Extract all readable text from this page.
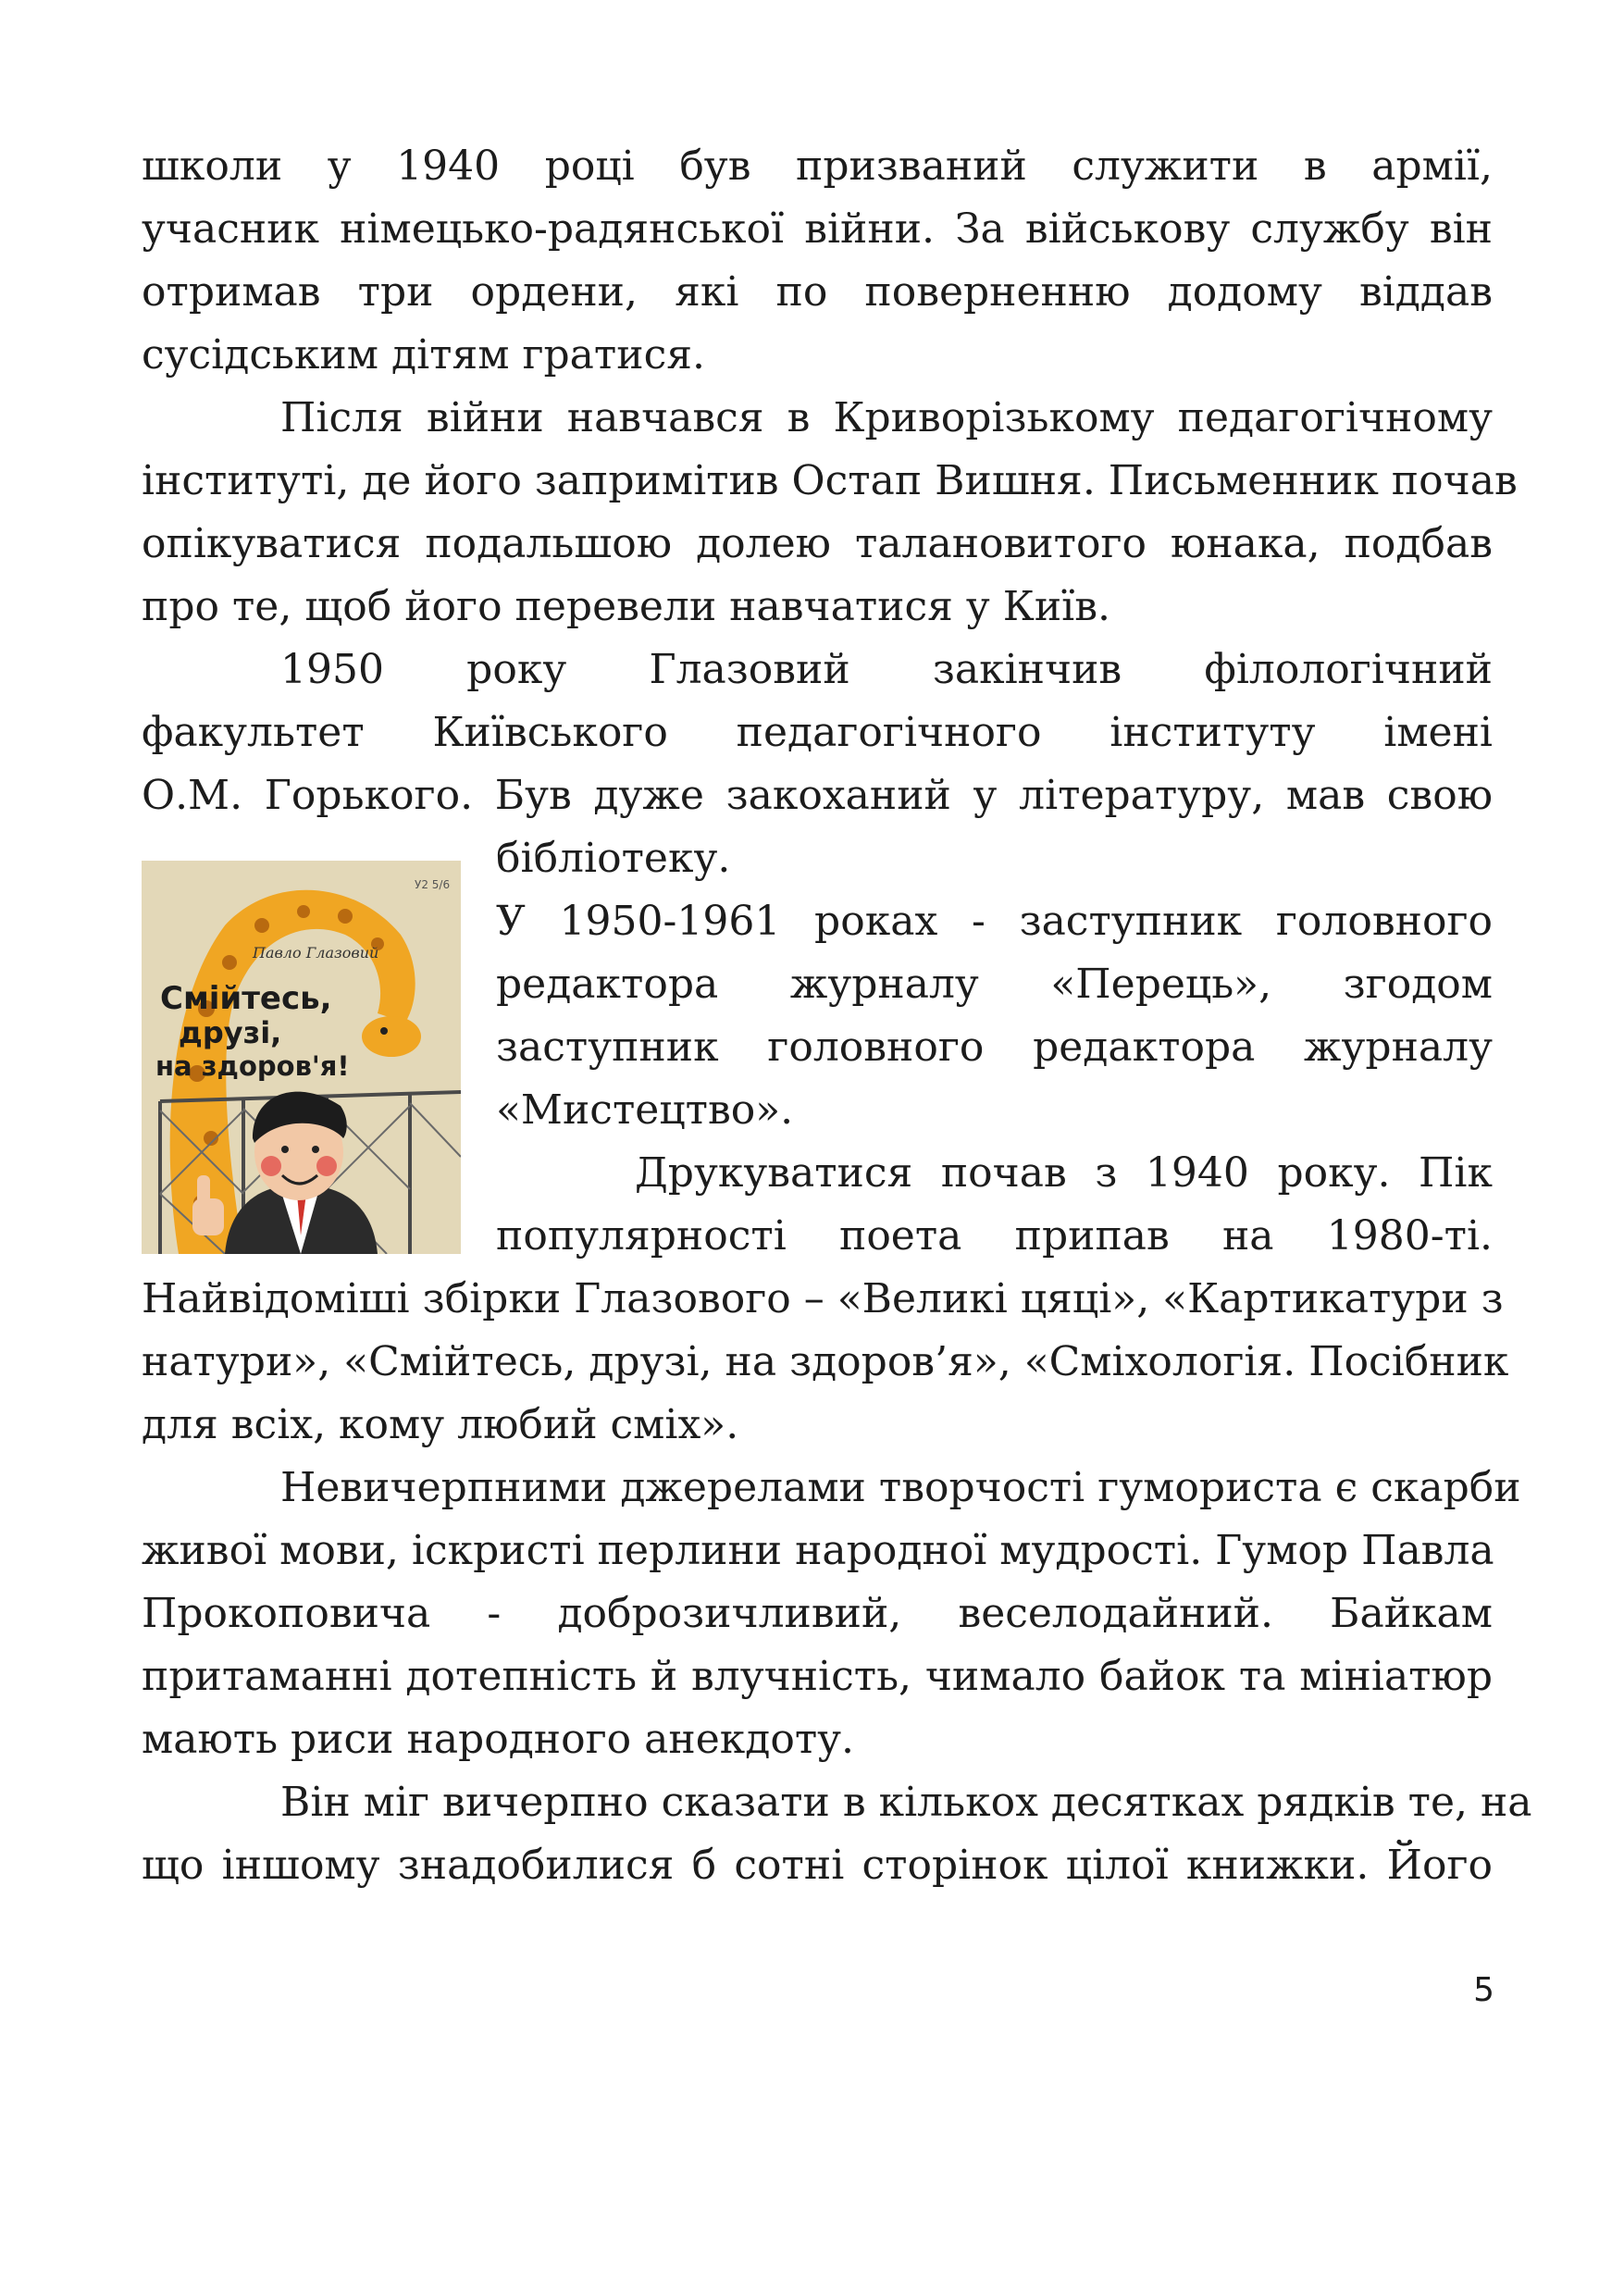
школи у 1940 році був призваний служити в армії,
учасник німецько-радянської війни. За військову службу він
отримав три ордени, які по поверненню додому віддав
сусідським дітям гратися.

Після війни навчався в Криворізькому педагогічному
інституті, де його запримітив Остап Вишня. Письменник почав
опікуватися подальшою долею талановитого юнака, подбав
про те, щоб його перевели навчатися у Київ.

1950 року Глазовий закінчив філологічний
факультет Київського педагогічного інституту імені
О.М. Горького. Був дуже закоханий у літературу, мав свою
бібліотеку.

Павло Глазовий
Смійтесь,
друзі,
на здоров'я!
У2 5/6

У 1950-1961 роках - заступник головного
редактора журналу «Перець», згодом
заступник головного редактора журналу
«Мистецтво».

Друкуватися почав з 1940 року. Пік
популярності поета припав на 1980-ті.

Найвідоміші збірки Глазового – «Великі цяці», «Картикатури з
натури», «Смійтесь, друзі, на здоров’я», «Сміхологія. Посібник
для всіх, кому любий сміх».

Невичерпними джерелами творчості гумориста є скарби
живої мови, іскристі перлини народної мудрості. Гумор Павла
Прокоповича - доброзичливий, веселодайний. Байкам
притаманні дотепність й влучність, чимало байок та мініатюр
мають риси народного анекдоту.

Він міг вичерпно сказати в кількох десятках рядків те, на
що іншому знадобилися б сотні сторінок цілої книжки. Його

5
